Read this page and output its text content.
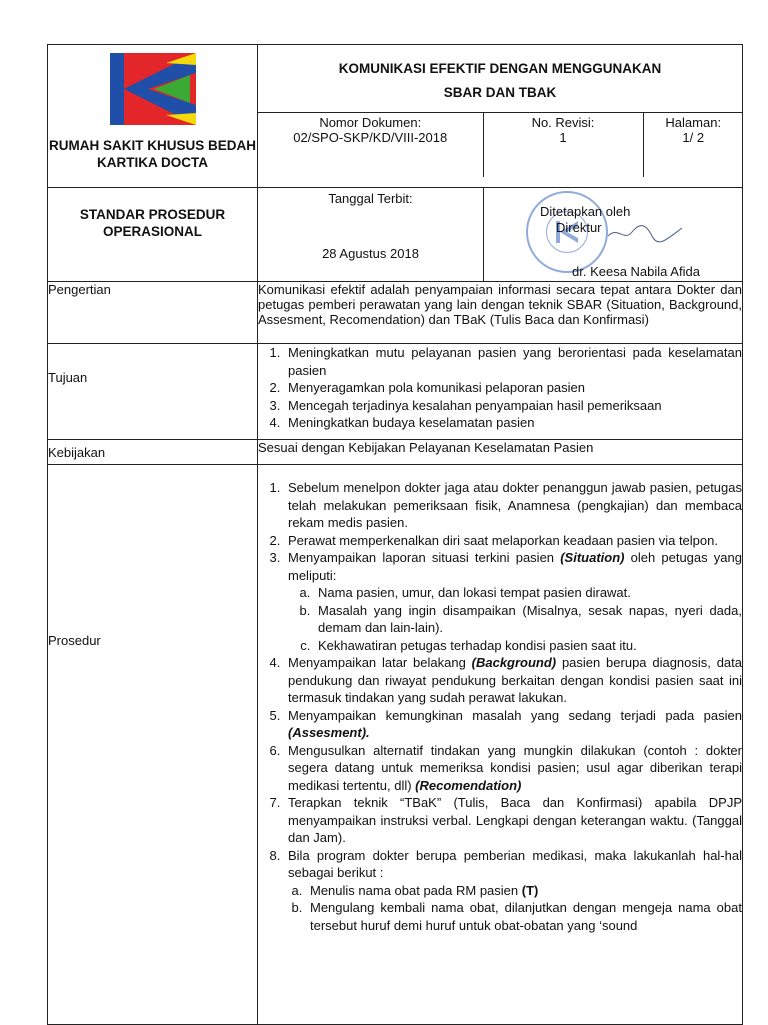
RUMAH SAKIT KHUSUS BEDAH KARTIKA DOCTA

KOMUNIKASI EFEKTIF DENGAN MENGGUNAKAN
SBAR DAN TBAK
Nomor Dokumen:
02/SPO-SKP/KD/VIII-2018

No. Revisi:
1

Halaman:
1/ 2

STANDAR PROSEDUR OPERASIONAL

Tanggal Terbit:
28 Agustus 2018
Ditetapkan oleh
Direktur
dr. Keesa Nabila Afida

Pengertian	Komunikasi efektif adalah penyampaian informasi secara tepat antara Dokter dan petugas pemberi perawatan yang lain dengan teknik SBAR (Situation, Background, Assesment, Recomendation) dan TBaK (Tulis Baca dan Konfirmasi)
Tujuan	
1. Meningkatkan mutu pelayanan pasien yang berorientasi pada keselamatan pasien
2. Menyeragamkan pola komunikasi pelaporan pasien
3. Mencegah terjadinya kesalahan penyampaian hasil pemeriksaan
4. Meningkatkan budaya keselamatan pasien

Kebijakan	Sesuai dengan Kebijakan Pelayanan Keselamatan Pasien
Prosedur	
1. Sebelum menelpon dokter jaga atau dokter penanggun jawab pasien, petugas telah melakukan pemeriksaan fisik, Anamnesa (pengkajian) dan membaca rekam medis pasien.
2. Perawat memperkenalkan diri saat melaporkan keadaan pasien via telpon.
3. Menyampaikan laporan situasi terkini pasien (Situation) oleh petugas yang meliputi:
a. Nama pasien, umur, dan lokasi tempat pasien dirawat.
b. Masalah yang ingin disampaikan (Misalnya, sesak napas, nyeri dada, demam dan lain-lain).
c. Kekhawatiran petugas terhadap kondisi pasien saat itu.
4. Menyampaikan latar belakang (Background) pasien berupa diagnosis, data pendukung dan riwayat pendukung berkaitan dengan kondisi pasien saat ini termasuk tindakan yang sudah perawat lakukan.
5. Menyampaikan kemungkinan masalah yang sedang terjadi pada pasien (Assesment).
6. Mengusulkan alternatif tindakan yang mungkin dilakukan (contoh : dokter segera datang untuk memeriksa kondisi pasien; usul agar diberikan terapi medikasi tertentu, dll) (Recomendation)
7. Terapkan teknik “TBaK” (Tulis, Baca dan Konfirmasi) apabila DPJP menyampaikan instruksi verbal. Lengkapi dengan keterangan waktu. (Tanggal dan Jam).
8. Bila program dokter berupa pemberian medikasi, maka lakukanlah hal-hal sebagai berikut :
a. Menulis nama obat pada RM pasien (T)
b. Mengulang kembali nama obat, dilanjutkan dengan mengeja nama obat tersebut huruf demi huruf untuk obat-obatan yang ‘sound
